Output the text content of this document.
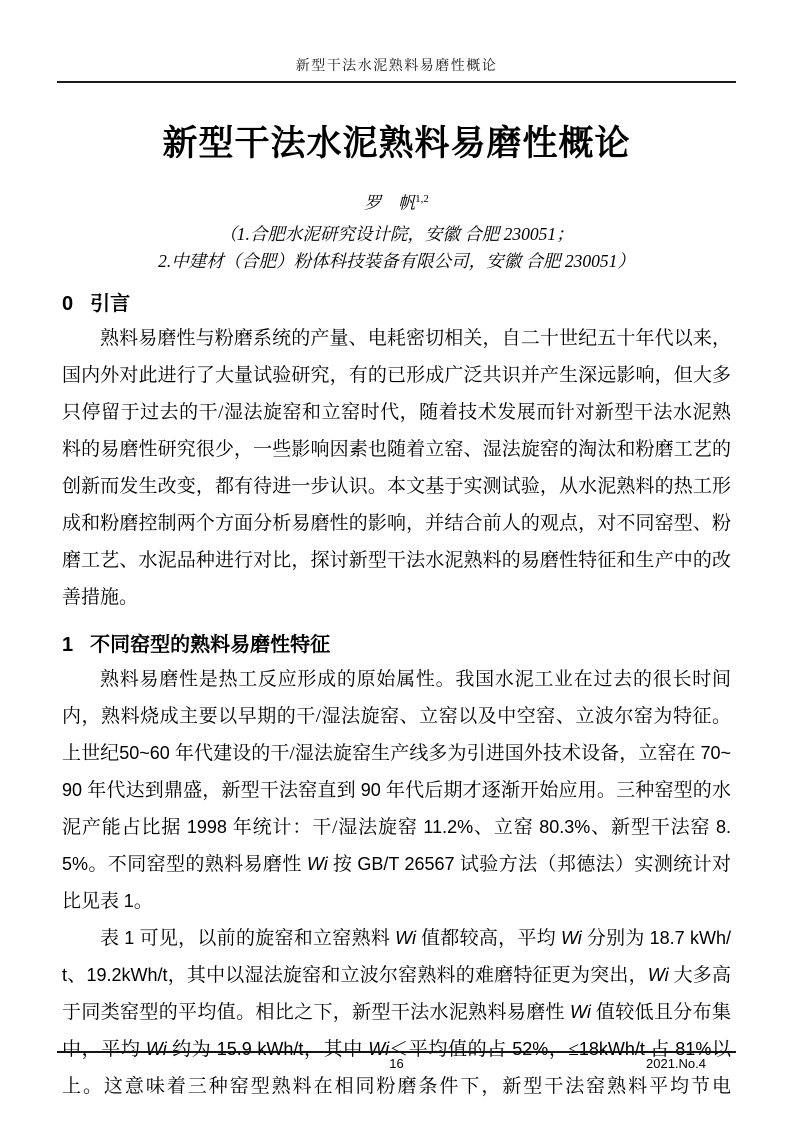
新型干法水泥熟料易磨性概论
新型干法水泥熟料易磨性概论
罗　帆$^{1,2}$
（1.合肥水泥研究设计院，安徽 合肥 230051；
2.中建材（合肥）粉体科技装备有限公司，安徽 合肥 230051）
0 引言

熟料易磨性与粉磨系统的产量、电耗密切相关，自二十世纪五十年代以来，国内外对此进行了大量试验研究，有的已形成广泛共识并产生深远影响，但大多只停留于过去的干/湿法旋窑和立窑时代，随着技术发展而针对新型干法水泥熟料的易磨性研究很少，一些影响因素也随着立窑、湿法旋窑的淘汰和粉磨工艺的创新而发生改变，都有待进一步认识。本文基于实测试验，从水泥熟料的热工形成和粉磨控制两个方面分析易磨性的影响，并结合前人的观点，对不同窑型、粉磨工艺、水泥品种进行对比，探讨新型干法水泥熟料的易磨性特征和生产中的改善措施。

1 不同窑型的熟料易磨性特征

熟料易磨性是热工反应形成的原始属性。我国水泥工业在过去的很长时间内，熟料烧成主要以早期的干/湿法旋窑、立窑以及中空窑、立波尔窑为特征。上世纪50~60 年代建设的干/湿法旋窑生产线多为引进国外技术设备，立窑在 70~90 年代达到鼎盛，新型干法窑直到 90 年代后期才逐渐开始应用。三种窑型的水泥产能占比据 1998 年统计：干/湿法旋窑 11.2%、立窑 80.3%、新型干法窑 8.5%。不同窑型的熟料易磨性 Wi 按 GB/T 26567 试验方法（邦德法）实测统计对比见表 1。

表 1 可见，以前的旋窑和立窑熟料 Wi 值都较高，平均 Wi 分别为 18.7 kWh/t、19.2kWh/t，其中以湿法旋窑和立波尔窑熟料的难磨特征更为突出，Wi 大多高于同类窑型的平均值。相比之下，新型干法水泥熟料易磨性 Wi 值较低且分布集中，平均 Wi 约为 15.9 kWh/t，其中 Wi＜平均值的占 52%，≤18kWh/t 占 81%以上。这意味着三种窑型熟料在相同粉磨条件下，新型干法窑熟料平均节电

16	2021.No.4
